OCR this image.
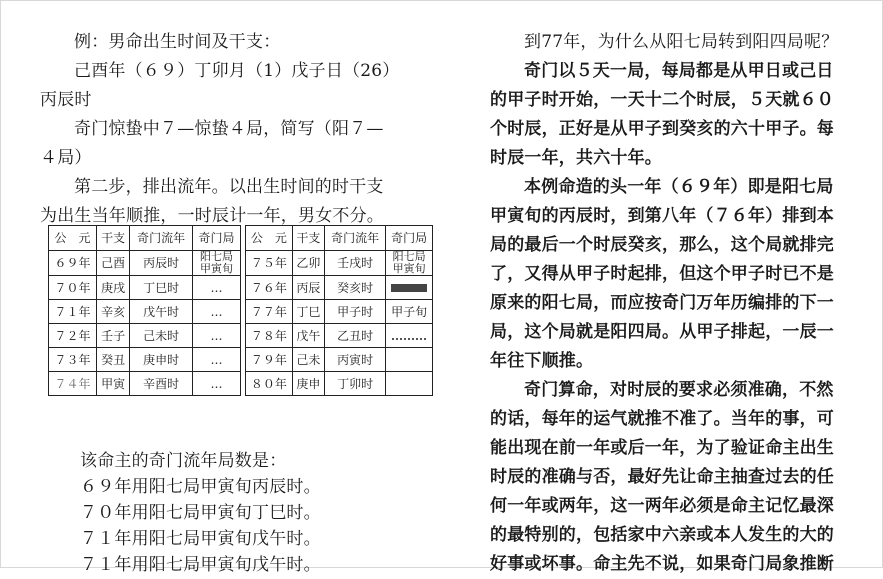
例：男命出生时间及干支：

己酉年（６９）丁卯月（1）戊子日（26）

丙辰时

奇门惊蛰中７—惊蛰４局，简写（阳７—

４局）

第二步，排出流年。以出生时间的时干支

为出生当年顺推，一时辰计一年，男女不分。

公　元	干支	奇门流年	奇门局
６９年	己酉	丙辰时	阳七局
甲寅旬

７０年	庚戌	丁巳时	…
７１年	辛亥	戊午时	…
７２年	壬子	己未时	…
７３年	癸丑	庚申时	…
７４年	甲寅	辛酉时	…
公　元	干支	奇门流年	奇门局
７５年	乙卯	壬戌时	阳七局
甲寅旬

７６年	丙辰	癸亥时	
７７年	丁巳	甲子时	甲子旬
７８年	戊午	乙丑时	
７９年	己未	丙寅时	
８０年	庚申	丁卯时	

该命主的奇门流年局数是：

６９年用阳七局甲寅旬丙辰时。

７０年用阳七局甲寅旬丁巳时。

７１年用阳七局甲寅旬戊午时。

７１年用阳七局甲寅旬戊午时。

到77年，为什么从阳七局转到阳四局呢？

奇门以５天一局，每局都是从甲日或己日

的甲子时开始，一天十二个时辰，５天就６０

个时辰，正好是从甲子到癸亥的六十甲子。每

时辰一年，共六十年。

本例命造的头一年（６９年）即是阳七局

甲寅旬的丙辰时，到第八年（７６年）排到本

局的最后一个时辰癸亥，那么，这个局就排完

了，又得从甲子时起排，但这个甲子时已不是

原来的阳七局，而应按奇门万年历编排的下一

局，这个局就是阳四局。从甲子排起，一辰一

年往下顺推。

奇门算命，对时辰的要求必须准确，不然

的话，每年的运气就推不准了。当年的事，可

能出现在前一年或后一年，为了验证命主出生

时辰的准确与否，最好先让命主抽查过去的任

何一年或两年，这一两年必须是命主记忆最深

的最特别的，包括家中六亲或本人发生的大的

好事或坏事。命主先不说，如果奇门局象推断
